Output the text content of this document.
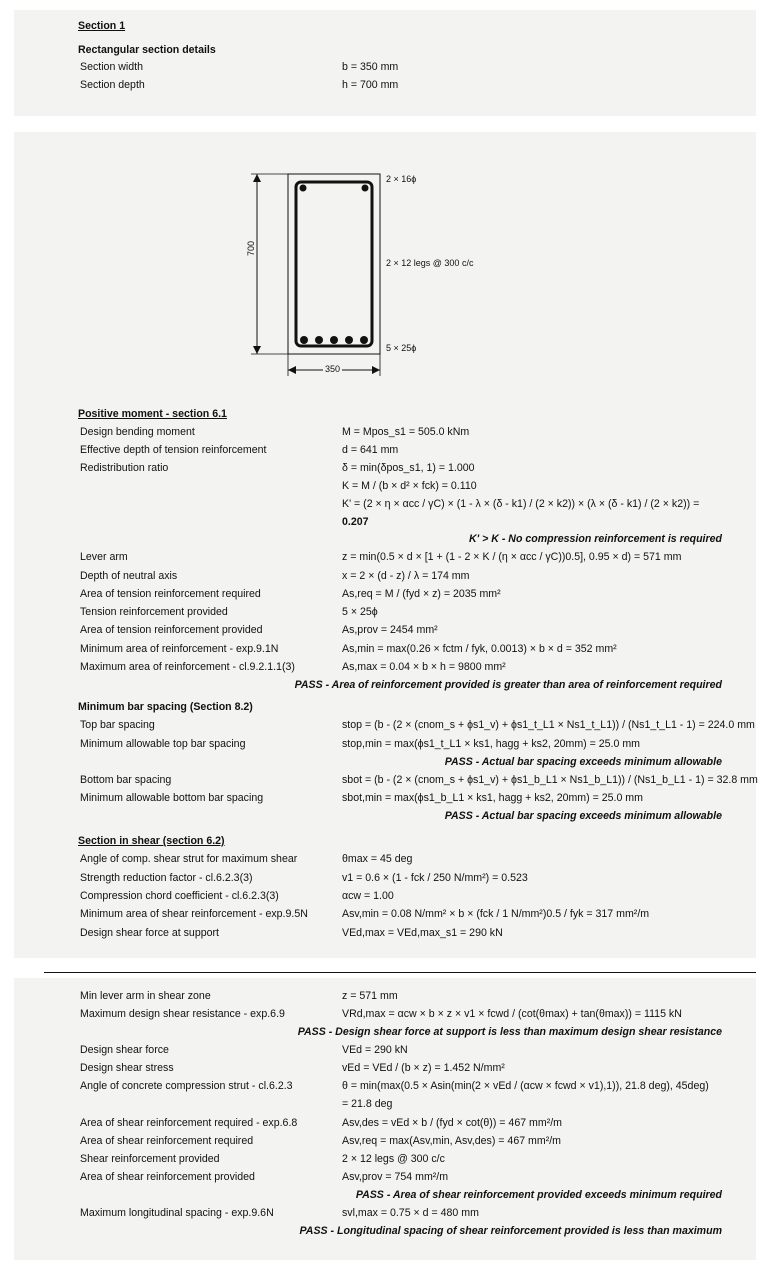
Section 1
Rectangular section details
Section width	b = 350 mm
Section depth	h = 700 mm
700
350
2 × 16ϕ
2 × 12 legs @ 300 c/c
5 × 25ϕ
Positive moment - section 6.1
Design bending moment	M = Mpos_s1 = 505.0 kNm
Effective depth of tension reinforcement	d = 641 mm
Redistribution ratio	δ = min(δpos_s1, 1) = 1.000
K = M / (b × d² × fck) = 0.110
K' = (2 × η × αcc / γC) × (1 - λ × (δ - k1) / (2 × k2)) × (λ × (δ - k1) / (2 × k2)) =
0.207
K' > K - No compression reinforcement is required
Lever arm	z = min(0.5 × d × [1 + (1 - 2 × K / (η × αcc / γC))0.5], 0.95 × d) = 571 mm
Depth of neutral axis	x = 2 × (d - z) / λ = 174 mm
Area of tension reinforcement required	As,req = M / (fyd × z) = 2035 mm²
Tension reinforcement provided	5 × 25ϕ
Area of tension reinforcement provided	As,prov = 2454 mm²
Minimum area of reinforcement - exp.9.1N	As,min = max(0.26 × fctm / fyk, 0.0013) × b × d = 352 mm²
Maximum area of reinforcement - cl.9.2.1.1(3)	As,max = 0.04 × b × h = 9800 mm²
PASS - Area of reinforcement provided is greater than area of reinforcement required
Minimum bar spacing (Section 8.2)
Top bar spacing	stop = (b - (2 × (cnom_s + ϕs1_v) + ϕs1_t_L1 × Ns1_t_L1)) / (Ns1_t_L1 - 1) = 224.0 mm
Minimum allowable top bar spacing	stop,min = max(ϕs1_t_L1 × ks1, hagg + ks2, 20mm) = 25.0 mm
PASS - Actual bar spacing exceeds minimum allowable
Bottom bar spacing	sbot = (b - (2 × (cnom_s + ϕs1_v) + ϕs1_b_L1 × Ns1_b_L1)) / (Ns1_b_L1 - 1) = 32.8 mm
Minimum allowable bottom bar spacing	sbot,min = max(ϕs1_b_L1 × ks1, hagg + ks2, 20mm) = 25.0 mm
PASS - Actual bar spacing exceeds minimum allowable
Section in shear (section 6.2)
Angle of comp. shear strut for maximum shear	θmax = 45 deg
Strength reduction factor - cl.6.2.3(3)	v1 = 0.6 × (1 - fck / 250 N/mm²) = 0.523
Compression chord coefficient - cl.6.2.3(3)	αcw = 1.00
Minimum area of shear reinforcement - exp.9.5N	Asv,min = 0.08 N/mm² × b × (fck / 1 N/mm²)0.5 / fyk = 317 mm²/m
Design shear force at support	VEd,max = VEd,max_s1 = 290 kN
Min lever arm in shear zone	z = 571 mm
Maximum design shear resistance - exp.6.9	VRd,max = αcw × b × z × v1 × fcwd / (cot(θmax) + tan(θmax)) = 1115 kN
PASS - Design shear force at support is less than maximum design shear resistance
Design shear force	VEd = 290 kN
Design shear stress	vEd = VEd / (b × z) = 1.452 N/mm²
Angle of concrete compression strut - cl.6.2.3	θ = min(max(0.5 × Asin(min(2 × vEd / (αcw × fcwd × v1),1)), 21.8 deg), 45deg)
= 21.8 deg
Area of shear reinforcement required - exp.6.8	Asv,des = vEd × b / (fyd × cot(θ)) = 467 mm²/m
Area of shear reinforcement required	Asv,req = max(Asv,min, Asv,des) = 467 mm²/m
Shear reinforcement provided	2 × 12 legs @ 300 c/c
Area of shear reinforcement provided	Asv,prov = 754 mm²/m
PASS - Area of shear reinforcement provided exceeds minimum required
Maximum longitudinal spacing - exp.9.6N	svl,max = 0.75 × d = 480 mm
PASS - Longitudinal spacing of shear reinforcement provided is less than maximum
